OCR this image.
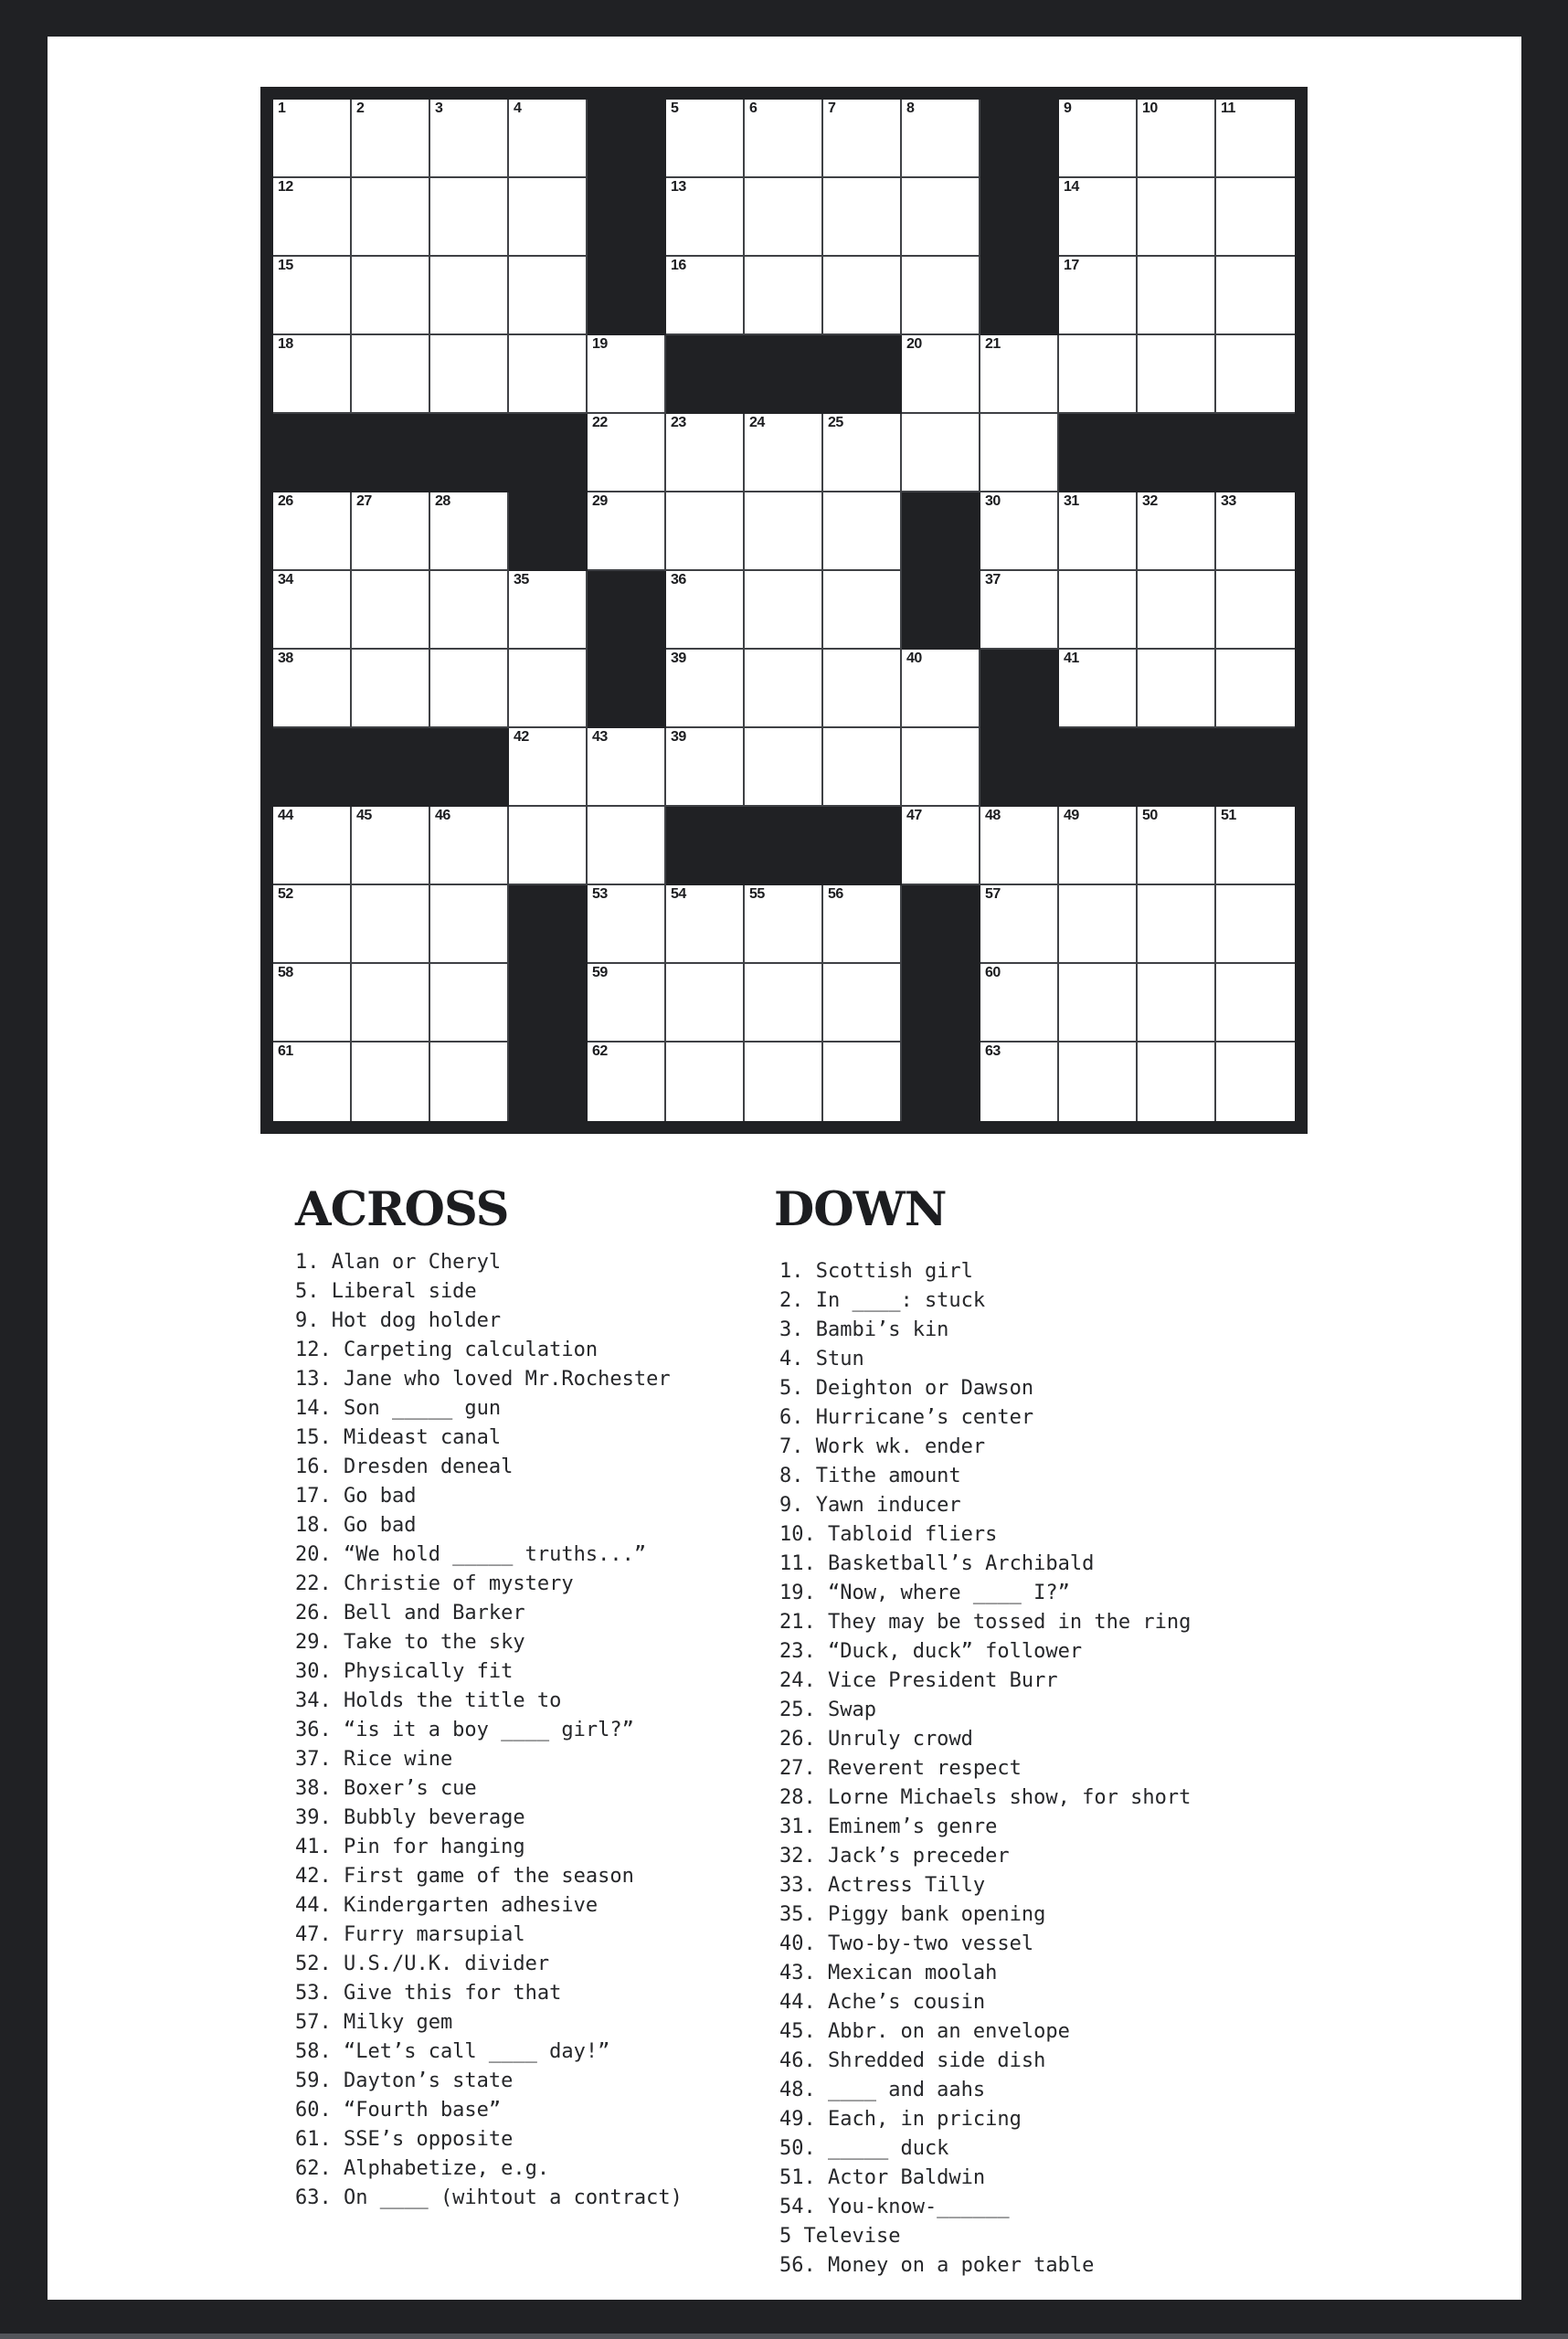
1	2	3	4	5	6	7	8	9	10	11
12	13	14
15	16	17
18	19	20	21
22	23	24	25
26	27	28	29	30	31	32	33
34	35	36	37
38	39	40	41
42	43	39
44	45	46	47	48	49	50	51
52	53	54	55	56	57
58	59	60
61	62	63
ACROSS
1. Alan or Cheryl
5. Liberal side
9. Hot dog holder
12. Carpeting calculation
13. Jane who loved Mr.Rochester
14. Son _____ gun
15. Mideast canal
16. Dresden deneal
17. Go bad
18. Go bad
20. “We hold _____ truths...”
22. Christie of mystery
26. Bell and Barker
29. Take to the sky
30. Physically fit
34. Holds the title to
36. “is it a boy ____ girl?”
37. Rice wine
38. Boxer’s cue
39. Bubbly beverage
41. Pin for hanging
42. First game of the season
44. Kindergarten adhesive
47. Furry marsupial
52. U.S./U.K. divider
53. Give this for that
57. Milky gem
58. “Let’s call ____ day!”
59. Dayton’s state
60. “Fourth base”
61. SSE’s opposite
62. Alphabetize, e.g.
63. On ____ (wihtout a contract)
DOWN
1. Scottish girl
2. In ____: stuck
3. Bambi’s kin
4. Stun
5. Deighton or Dawson
6. Hurricane’s center
7. Work wk. ender
8. Tithe amount
9. Yawn inducer
10. Tabloid fliers
11. Basketball’s Archibald
19. “Now, where ____ I?”
21. They may be tossed in the ring
23. “Duck, duck” follower
24. Vice President Burr
25. Swap
26. Unruly crowd
27. Reverent respect
28. Lorne Michaels show, for short
31. Eminem’s genre
32. Jack’s preceder
33. Actress Tilly
35. Piggy bank opening
40. Two-by-two vessel
43. Mexican moolah
44. Ache’s cousin
45. Abbr. on an envelope
46. Shredded side dish
48. ____ and aahs
49. Each, in pricing
50. _____ duck
51. Actor Baldwin
54. You-know-______
5 Televise
56. Money on a poker table
